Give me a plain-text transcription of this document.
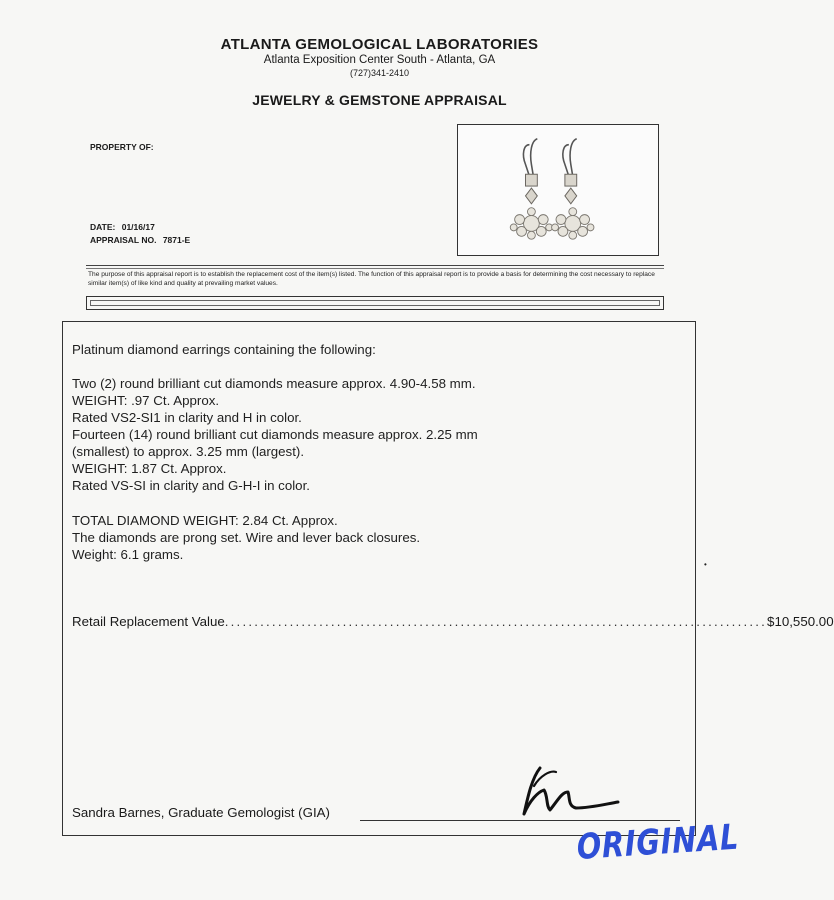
ATLANTA GEMOLOGICAL LABORATORIES
Atlanta Exposition Center South - Atlanta, GA
(727)341-2410
JEWELRY & GEMSTONE APPRAISAL
PROPERTY OF:
DATE: 01/16/17
APPRAISAL NO. 7871-E
The purpose of this appraisal report is to establish the replacement cost of the item(s) listed. The function of this appraisal report is to provide a basis for determining the cost necessary to replace similar item(s) of like kind and quality at prevailing market values.
Platinum diamond earrings containing the following:
Two (2) round brilliant cut diamonds measure approx. 4.90-4.58 mm.
WEIGHT: .97 Ct. Approx.
Rated VS2-SI1 in clarity and H in color.
Fourteen (14) round brilliant cut diamonds measure approx. 2.25 mm
(smallest) to approx. 3.25 mm (largest).
WEIGHT: 1.87 Ct. Approx.
Rated VS-SI in clarity and G-H-I in color.
TOTAL DIAMOND WEIGHT: 2.84 Ct. Approx.
The diamonds are prong set. Wire and lever back closures.
Weight: 6.1 grams.
Retail Replacement Value ............................................................................................ $10,550.00
Sandra Barnes, Graduate Gemologist (GIA)
ORIGINAL
•
